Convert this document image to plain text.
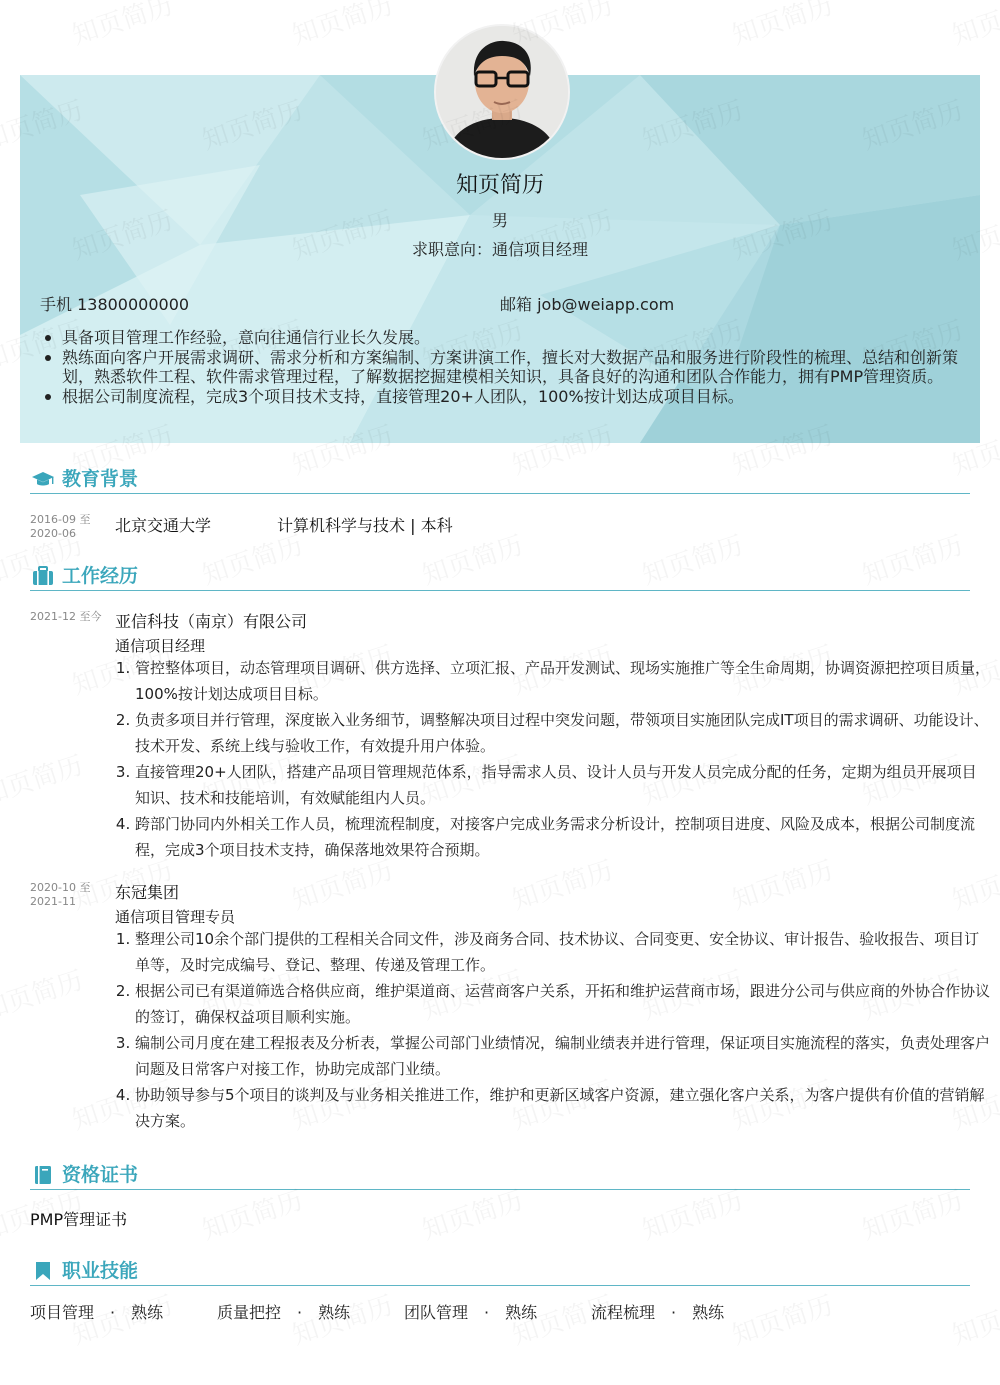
知页简历
男
求职意向：通信项目经理
手机 13800000000	邮箱 job@weiapp.com
具备项目管理工作经验，意向往通信行业长久发展。
熟练面向客户开展需求调研、需求分析和方案编制、方案讲演工作，擅长对大数据产品和服务进行阶段性的梳理、总结和创新策划，熟悉软件工程、软件需求管理过程，了解数据挖掘建模相关知识，具备良好的沟通和团队合作能力，拥有PMP管理资质。
根据公司制度流程，完成3个项目技术支持，直接管理20+人团队，100%按计划达成项目目标。
教育背景
2016-09 至
2020-06	北京交通大学	计算机科学与技术 | 本科
工作经历
2021-12 至今 亚信科技（南京）有限公司
通信项目经理
1. 管控整体项目，动态管理项目调研、供方选择、立项汇报、产品开发测试、现场实施推广等全生命周期，协调资源把控项目质量，100%按计划达成项目目标。
2. 负责多项目并行管理，深度嵌入业务细节，调整解决项目过程中突发问题，带领项目实施团队完成IT项目的需求调研、功能设计、技术开发、系统上线与验收工作，有效提升用户体验。
3. 直接管理20+人团队，搭建产品项目管理规范体系，指导需求人员、设计人员与开发人员完成分配的任务，定期为组员开展项目知识、技术和技能培训，有效赋能组内人员。
4. 跨部门协同内外相关工作人员，梳理流程制度，对接客户完成业务需求分析设计，控制项目进度、风险及成本，根据公司制度流程，完成3个项目技术支持，确保落地效果符合预期。
2020-10 至
2021-11	东冠集团
通信项目管理专员
1. 整理公司10余个部门提供的工程相关合同文件，涉及商务合同、技术协议、合同变更、安全协议、审计报告、验收报告、项目订单等，及时完成编号、登记、整理、传递及管理工作。
2. 根据公司已有渠道筛选合格供应商，维护渠道商、运营商客户关系，开拓和维护运营商市场，跟进分公司与供应商的外协合作协议的签订，确保权益项目顺利实施。
3. 编制公司月度在建工程报表及分析表，掌握公司部门业绩情况，编制业绩表并进行管理，保证项目实施流程的落实，负责处理客户问题及日常客户对接工作，协助完成部门业绩。
4. 协助领导参与5个项目的谈判及与业务相关推进工作，维护和更新区域客户资源，建立强化客户关系，为客户提供有价值的营销解决方案。
资格证书
PMP管理证书
职业技能
项目管理 · 熟练	质量把控 · 熟练	团队管理 · 熟练	流程梳理 · 熟练
